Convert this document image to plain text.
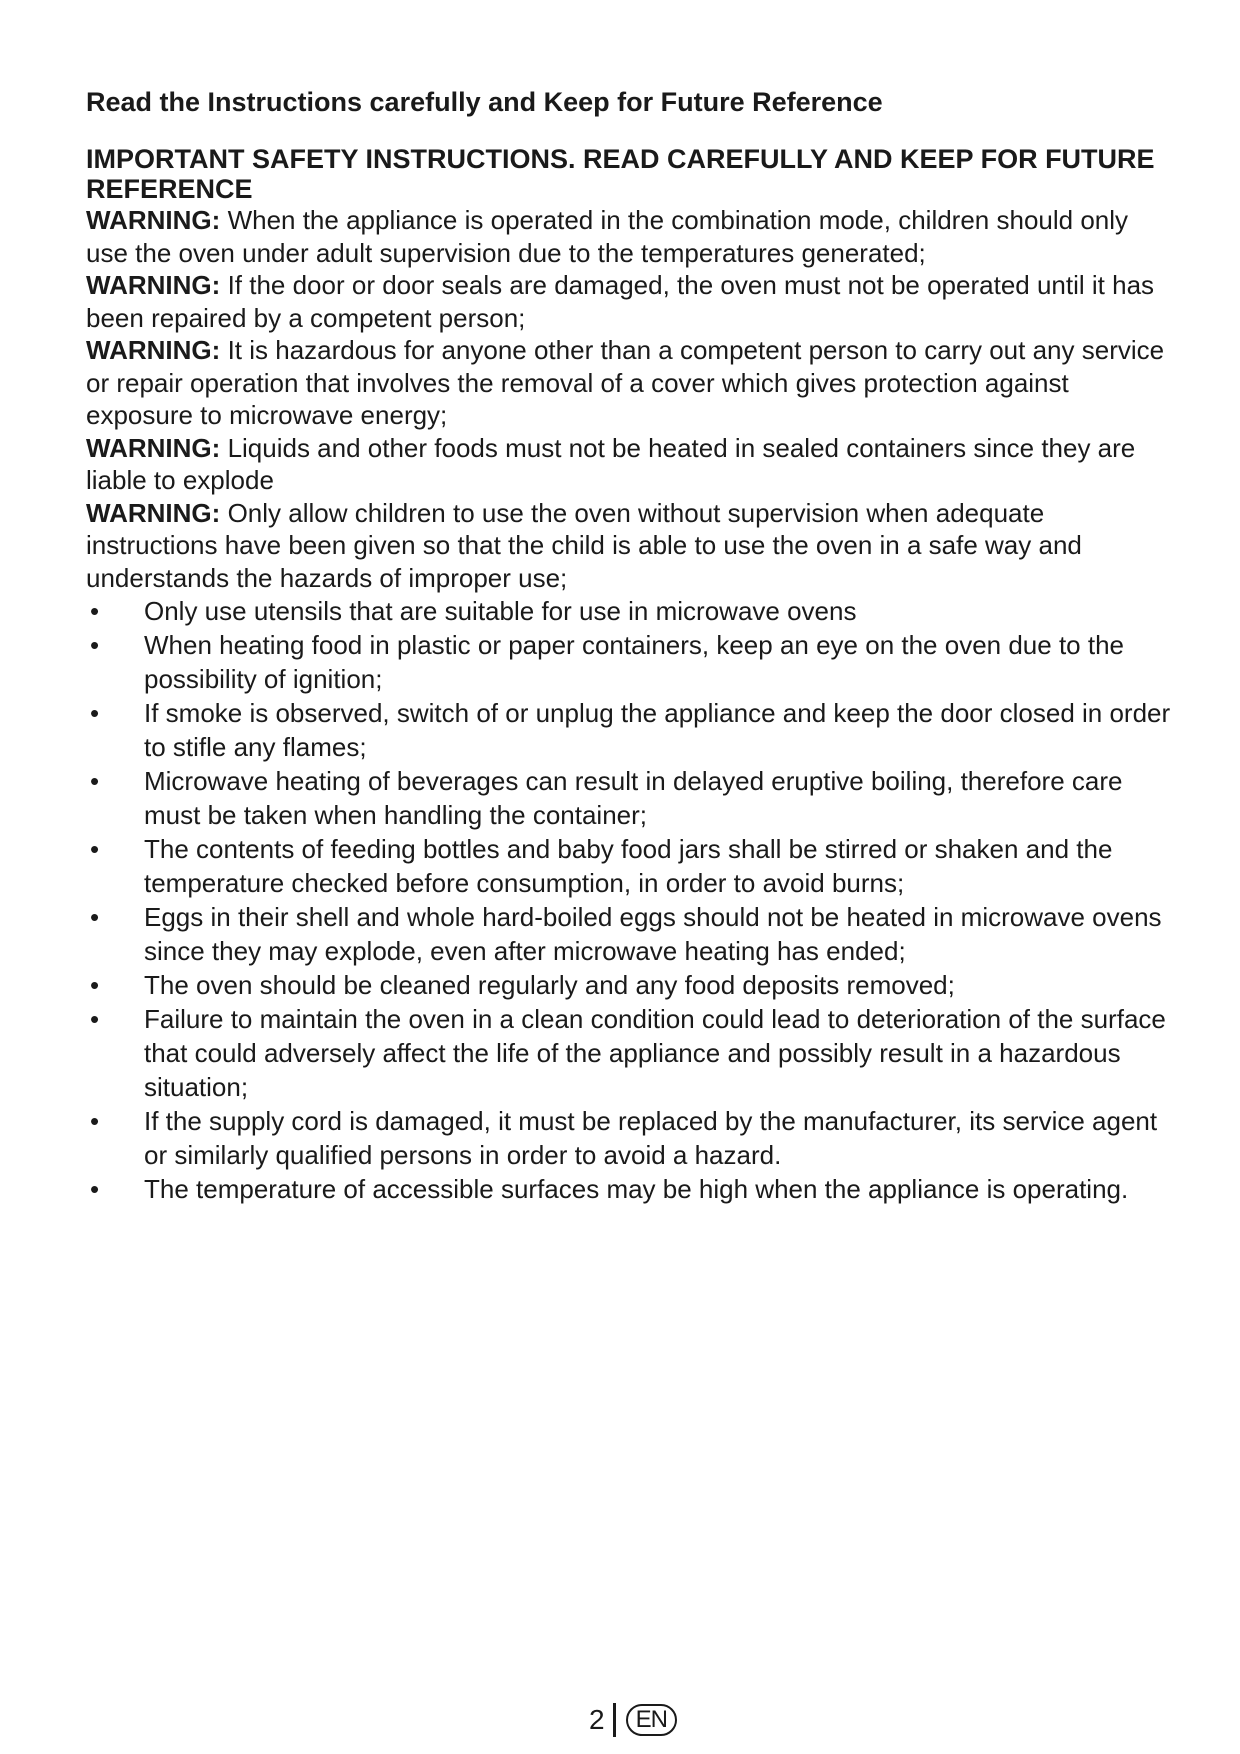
Read the Instructions carefully and Keep for Future Reference
IMPORTANT SAFETY INSTRUCTIONS. READ CAREFULLY AND KEEP FOR FUTURE REFERENCE

WARNING: When the appliance is operated in the combination mode, children should only use the oven under adult supervision due to the temperatures generated;

WARNING: If the door or door seals are damaged, the oven must not be operated until it has been repaired by a competent person;

WARNING: It is hazardous for anyone other than a competent person to carry out any service or repair operation that involves the removal of a cover which gives protection against exposure to microwave energy;

WARNING: Liquids and other foods must not be heated in sealed containers since they are liable to explode

WARNING: Only allow children to use the oven without supervision when adequate instructions have been given so that the child is able to use the oven in a safe way and understands the hazards of improper use;

• Only use utensils that are suitable for use in microwave ovens
• When heating food in plastic or paper containers, keep an eye on the oven due to the possibility of ignition;
• If smoke is observed, switch of or unplug the appliance and keep the door closed in order to stifle any flames;
• Microwave heating of beverages can result in delayed eruptive boiling, therefore care must be taken when handling the container;
• The contents of feeding bottles and baby food jars shall be stirred or shaken and the temperature checked before consumption, in order to avoid burns;
• Eggs in their shell and whole hard-boiled eggs should not be heated in microwave ovens since they may explode, even after microwave heating has ended;
• The oven should be cleaned regularly and any food deposits removed;
• Failure to maintain the oven in a clean condition could lead to deterioration of the surface that could adversely affect the life of the appliance and possibly result in a hazardous situation;
• If the supply cord is damaged, it must be replaced by the manufacturer, its service agent or similarly qualified persons in order to avoid a hazard.
• The temperature of accessible surfaces may be high when the appliance is operating.
2	EN
